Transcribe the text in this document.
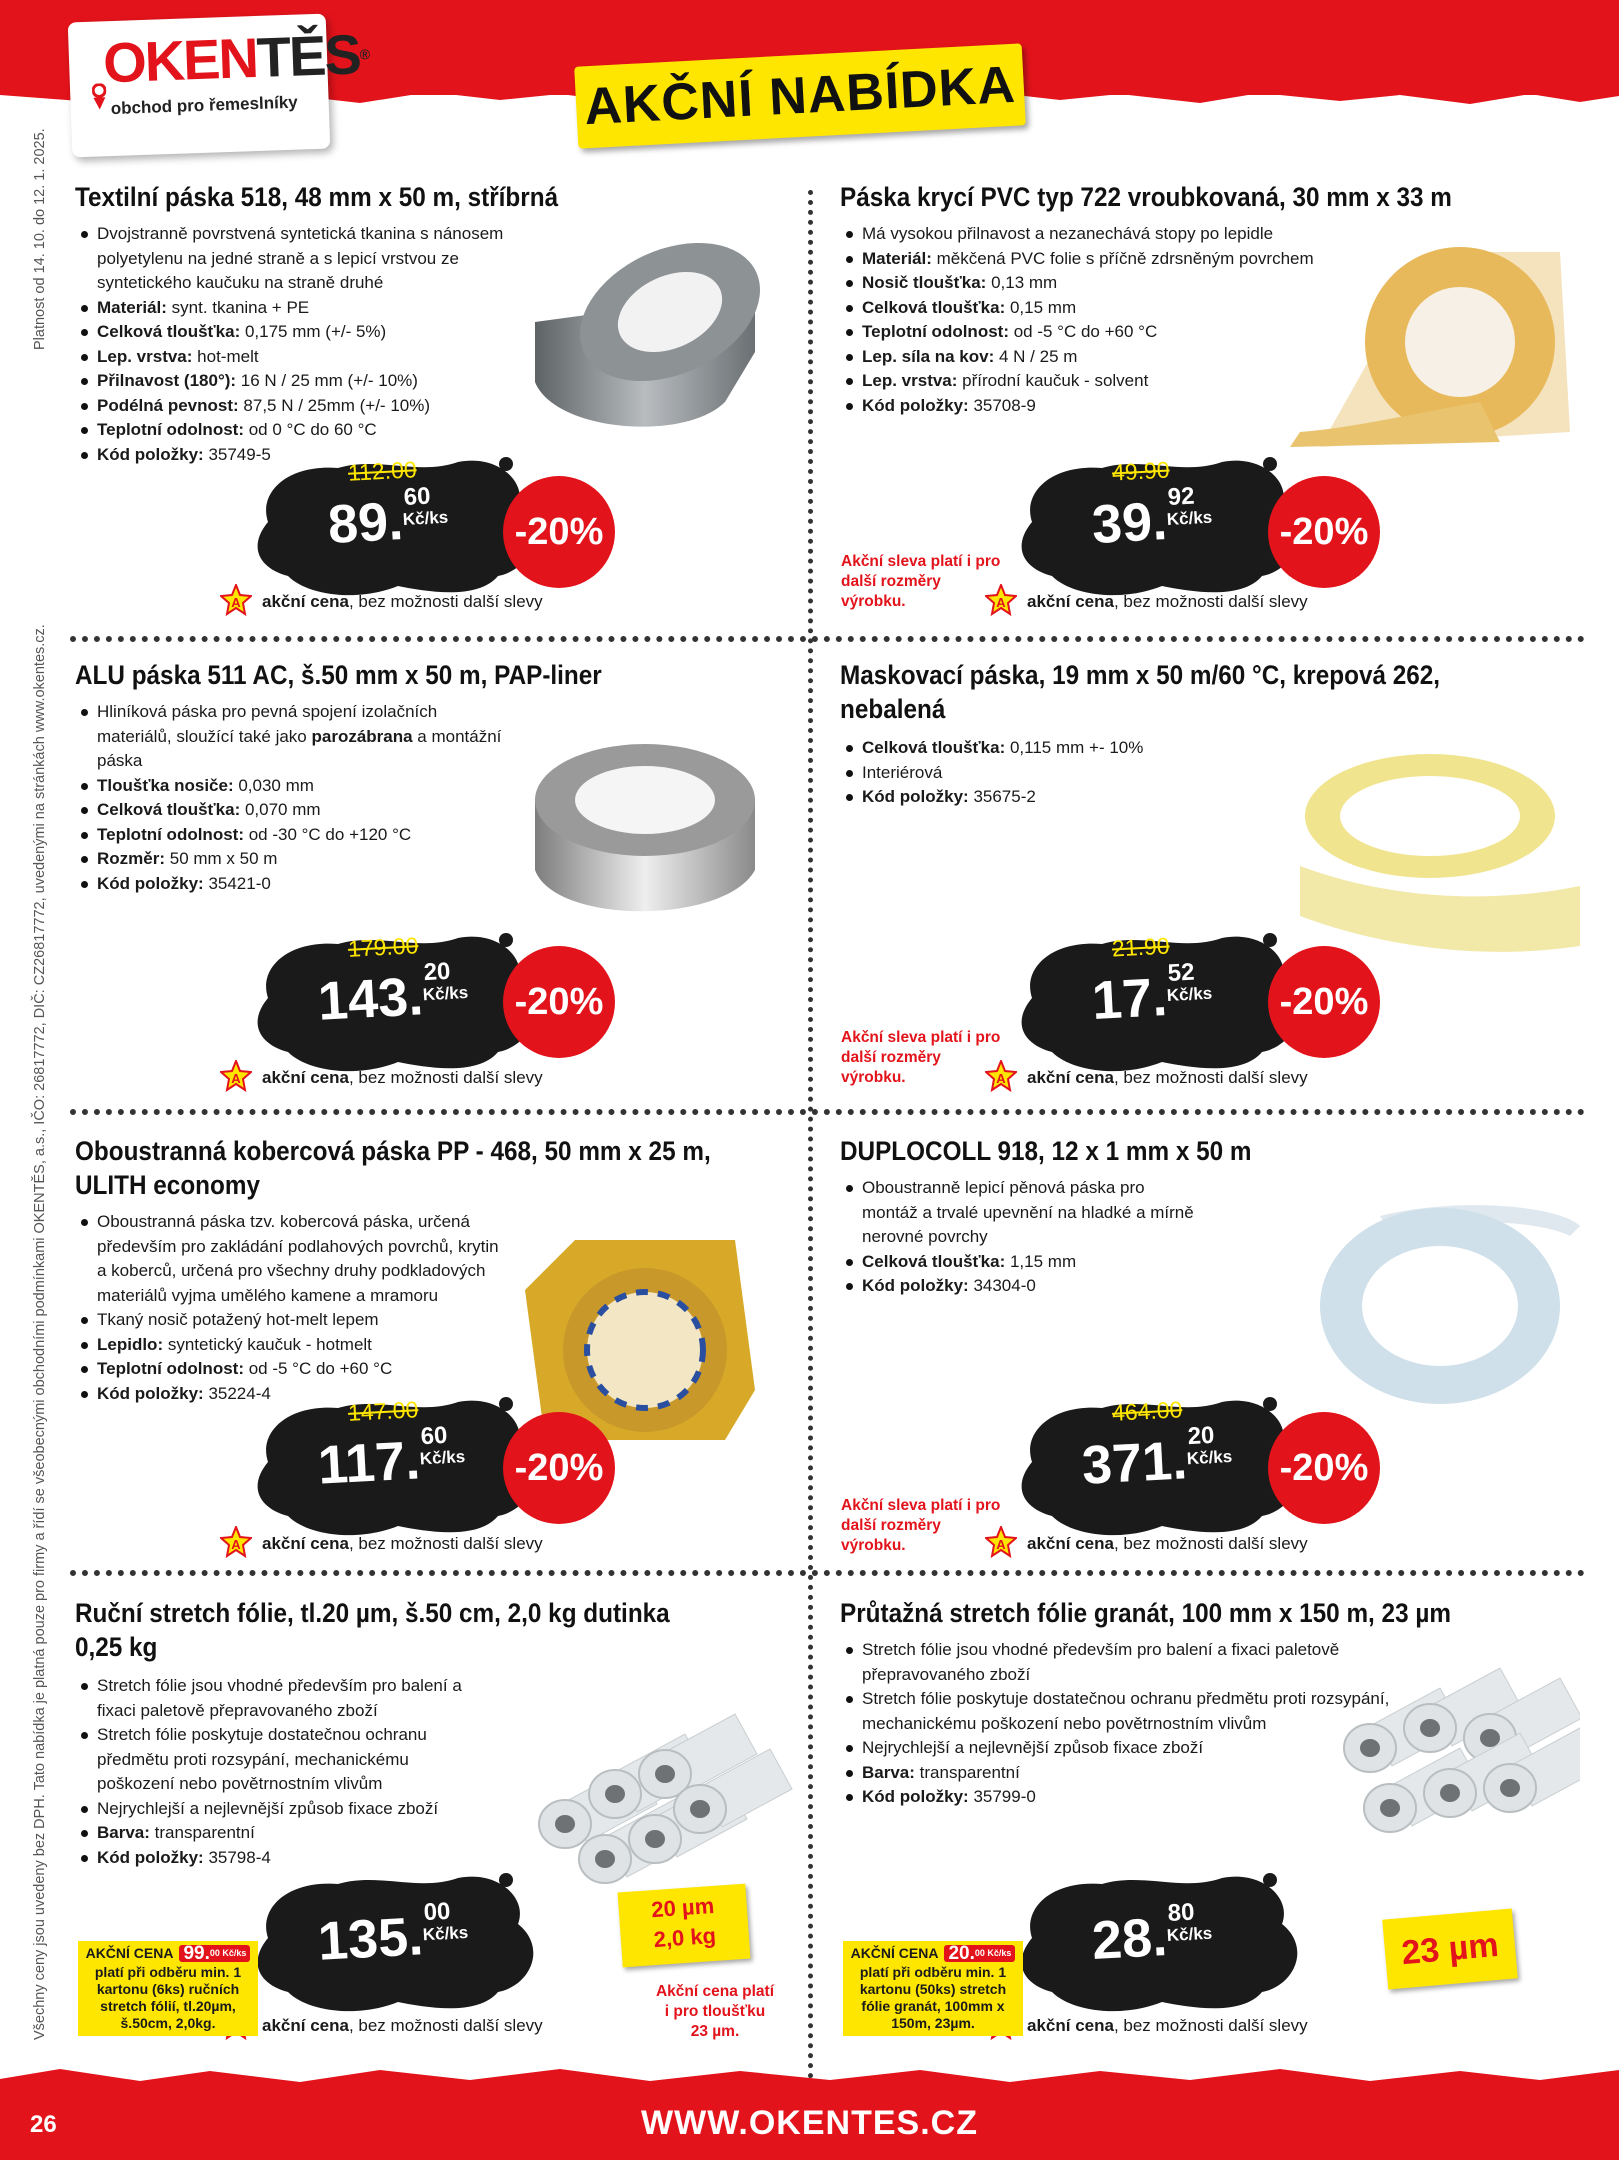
OKENTĚS®
obchod pro řemeslníky	AKČNÍ NABÍDKA
Všechny ceny jsou uvedeny bez DPH. Tato nabídka je platná pouze pro firmy a řídí se všeobecnými obchodními podmínkami OKENTĚS, a.s., IČO: 26817772, DIČ: CZ26817772, uvedenými na stránkách www.okentes.cz.
Platnost od 14. 10. do 12. 1. 2025. Textilní páska 518, 48 mm x 50 m, stříbrná
Dvojstranně povrstvená syntetická tkanina s nánosem polyetylenu na jedné straně a s lepicí vrstvou ze syntetického kaučuku na straně druhé
Materiál: synt. tkanina + PE
Celková tloušťka: 0,175 mm (+/- 5%)
Lep. vrstva: hot-melt
Přilnavost (180°): 16 N / 25 mm (+/- 10%)
Podélná pevnost: 87,5 N / 25mm (+/- 10%)
Teplotní odolnost: od 0 °C do 60 °C
Kód položky: 35749-5
112.00
89.
60
Kč/ks	-20%
A akční cena, bez možnosti další slevy
Páska krycí PVC typ 722 vroubkovaná, 30 mm x 33 m
Má vysokou přilnavost a nezanechává stopy po lepidle
Materiál: měkčená PVC folie s příčně zdrsněným povrchem
Nosič tloušťka: 0,13 mm
Celková tloušťka: 0,15 mm
Teplotní odolnost: od -5 °C do +60 °C
Lep. síla na kov: 4 N / 25 m
Lep. vrstva: přírodní kaučuk - solvent
Kód položky: 35708-9
49.90
39.
92
Kč/ks	-20%
Akční sleva platí i pro další rozměry výrobku.	A akční cena, bez možnosti další slevy
ALU páska 511 AC, š.50 mm x 50 m, PAP-liner
Hliníková páska pro pevná spojení izolačních materiálů, sloužící také jako parozábrana a montážní páska
Tloušťka nosiče: 0,030 mm
Celková tloušťka: 0,070 mm
Teplotní odolnost: od -30 °C do +120 °C
Rozměr: 50 mm x 50 m
Kód položky: 35421-0
179.00
143.
20
Kč/ks	-20%
A akční cena, bez možnosti další slevy
Maskovací páska, 19 mm x 50 m/60 °C, krepová 262, nebalená
Celková tloušťka: 0,115 mm +- 10%
Interiérová
Kód položky: 35675-2
21.90
17.
52
Kč/ks	-20%
Akční sleva platí i pro další rozměry výrobku.	A akční cena, bez možnosti další slevy
Oboustranná kobercová páska PP - 468, 50 mm x 25 m, ULITH economy
Oboustranná páska tzv. kobercová páska, určená především pro zakládání podlahových povrchů, krytin a koberců, určená pro všechny druhy podkladových materiálů vyjma umělého kamene a mramoru
Tkaný nosič potažený hot-melt lepem
Lepidlo: syntetický kaučuk - hotmelt
Teplotní odolnost: od -5 °C do +60 °C
Kód položky: 35224-4
147.00
117.
60
Kč/ks	-20%
A akční cena, bez možnosti další slevy
DUPLOCOLL 918, 12 x 1 mm x 50 m
Oboustranně lepicí pěnová páska pro montáž a trvalé upevnění na hladké a mírně nerovné povrchy
Celková tloušťka: 1,15 mm
Kód položky: 34304-0
464.00
371.
20
Kč/ks	-20%
Akční sleva platí i pro další rozměry výrobku.	A akční cena, bez možnosti další slevy
Ruční stretch fólie, tl.20 µm, š.50 cm, 2,0 kg dutinka 0,25 kg
Stretch fólie jsou vhodné především pro balení a fixaci paletově přepravovaného zboží
Stretch fólie poskytuje dostatečnou ochranu předmětu proti rozsypání, mechanickému poškození nebo povětrnostním vlivům
Nejrychlejší a nejlevnější způsob fixace zboží
Barva: transparentní
Kód položky: 35798-4
135.
00
Kč/ks
akční cena, bez možnosti další slevy
AKČNÍ CENA 99.$^{00 Kč/ks}$
platí při odběru min. 1 kartonu (6ks) ručních stretch fólií, tl.20µm, š.50cm, 2,0kg.
20 µm
2,0 kg
Akční cena platí i pro tloušťku 23 µm.
Průtažná stretch fólie granát, 100 mm x 150 m, 23 µm
Stretch fólie jsou vhodné především pro balení a fixaci paletově přepravovaného zboží
Stretch fólie poskytuje dostatečnou ochranu předmětu proti rozsypání, mechanickému poškození nebo povětrnostním vlivům
Nejrychlejší a nejlevnější způsob fixace zboží
Barva: transparentní
Kód položky: 35799-0
28.
80
Kč/ks
akční cena, bez možnosti další slevy
AKČNÍ CENA 20.$^{00 Kč/ks}$
platí při odběru min. 1 kartonu (50ks) stretch fólie granát, 100mm x 150m, 23µm.
23 µm
26	WWW.OKENTES.CZ
